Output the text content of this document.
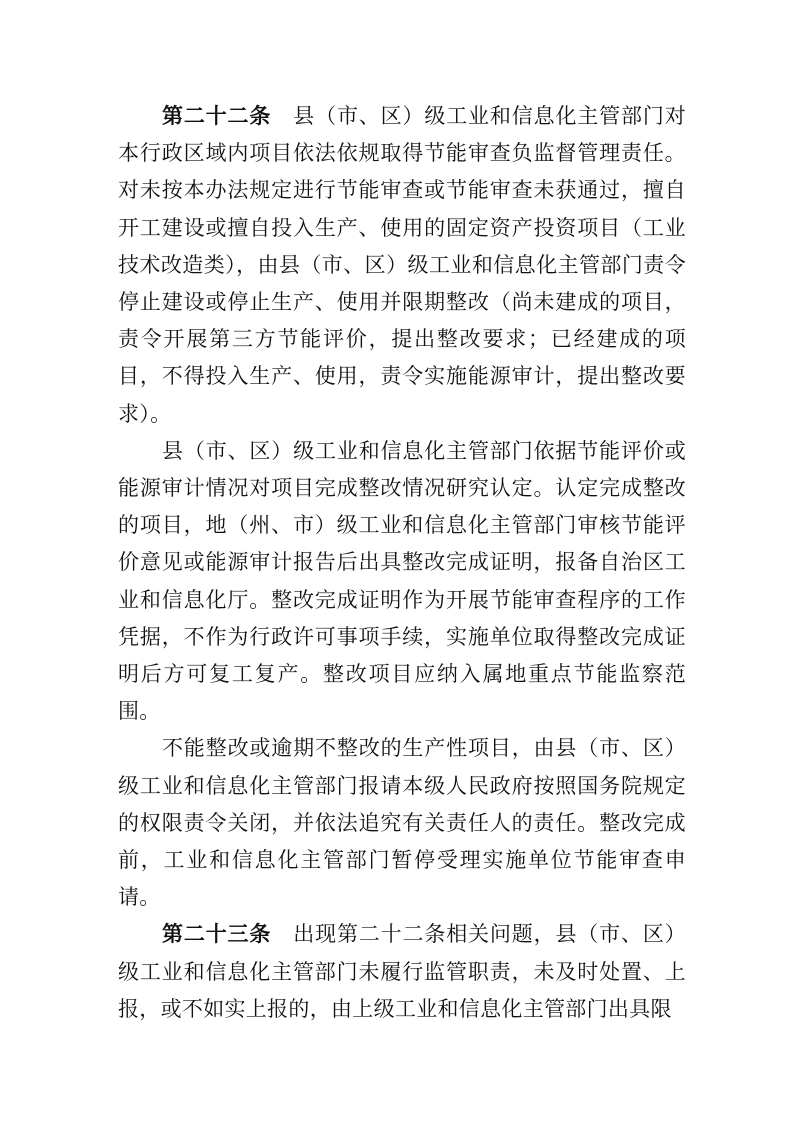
第二十二条 县（市、区）级工业和信息化主管部门对本行政区域内项目依法依规取得节能审查负监督管理责任。对未按本办法规定进行节能审查或节能审查未获通过，擅自开工建设或擅自投入生产、使用的固定资产投资项目（工业技术改造类），由县（市、区）级工业和信息化主管部门责令停止建设或停止生产、使用并限期整改（尚未建成的项目，责令开展第三方节能评价，提出整改要求；已经建成的项目，不得投入生产、使用，责令实施能源审计，提出整改要求）。

县（市、区）级工业和信息化主管部门依据节能评价或能源审计情况对项目完成整改情况研究认定。认定完成整改的项目，地（州、市）级工业和信息化主管部门审核节能评价意见或能源审计报告后出具整改完成证明，报备自治区工业和信息化厅。整改完成证明作为开展节能审查程序的工作凭据，不作为行政许可事项手续，实施单位取得整改完成证明后方可复工复产。整改项目应纳入属地重点节能监察范围。

不能整改或逾期不整改的生产性项目，由县（市、区）级工业和信息化主管部门报请本级人民政府按照国务院规定的权限责令关闭，并依法追究有关责任人的责任。整改完成前，工业和信息化主管部门暂停受理实施单位节能审查申请。

第二十三条 出现第二十二条相关问题，县（市、区）级工业和信息化主管部门未履行监管职责，未及时处置、上报，或不如实上报的，由上级工业和信息化主管部门出具限
